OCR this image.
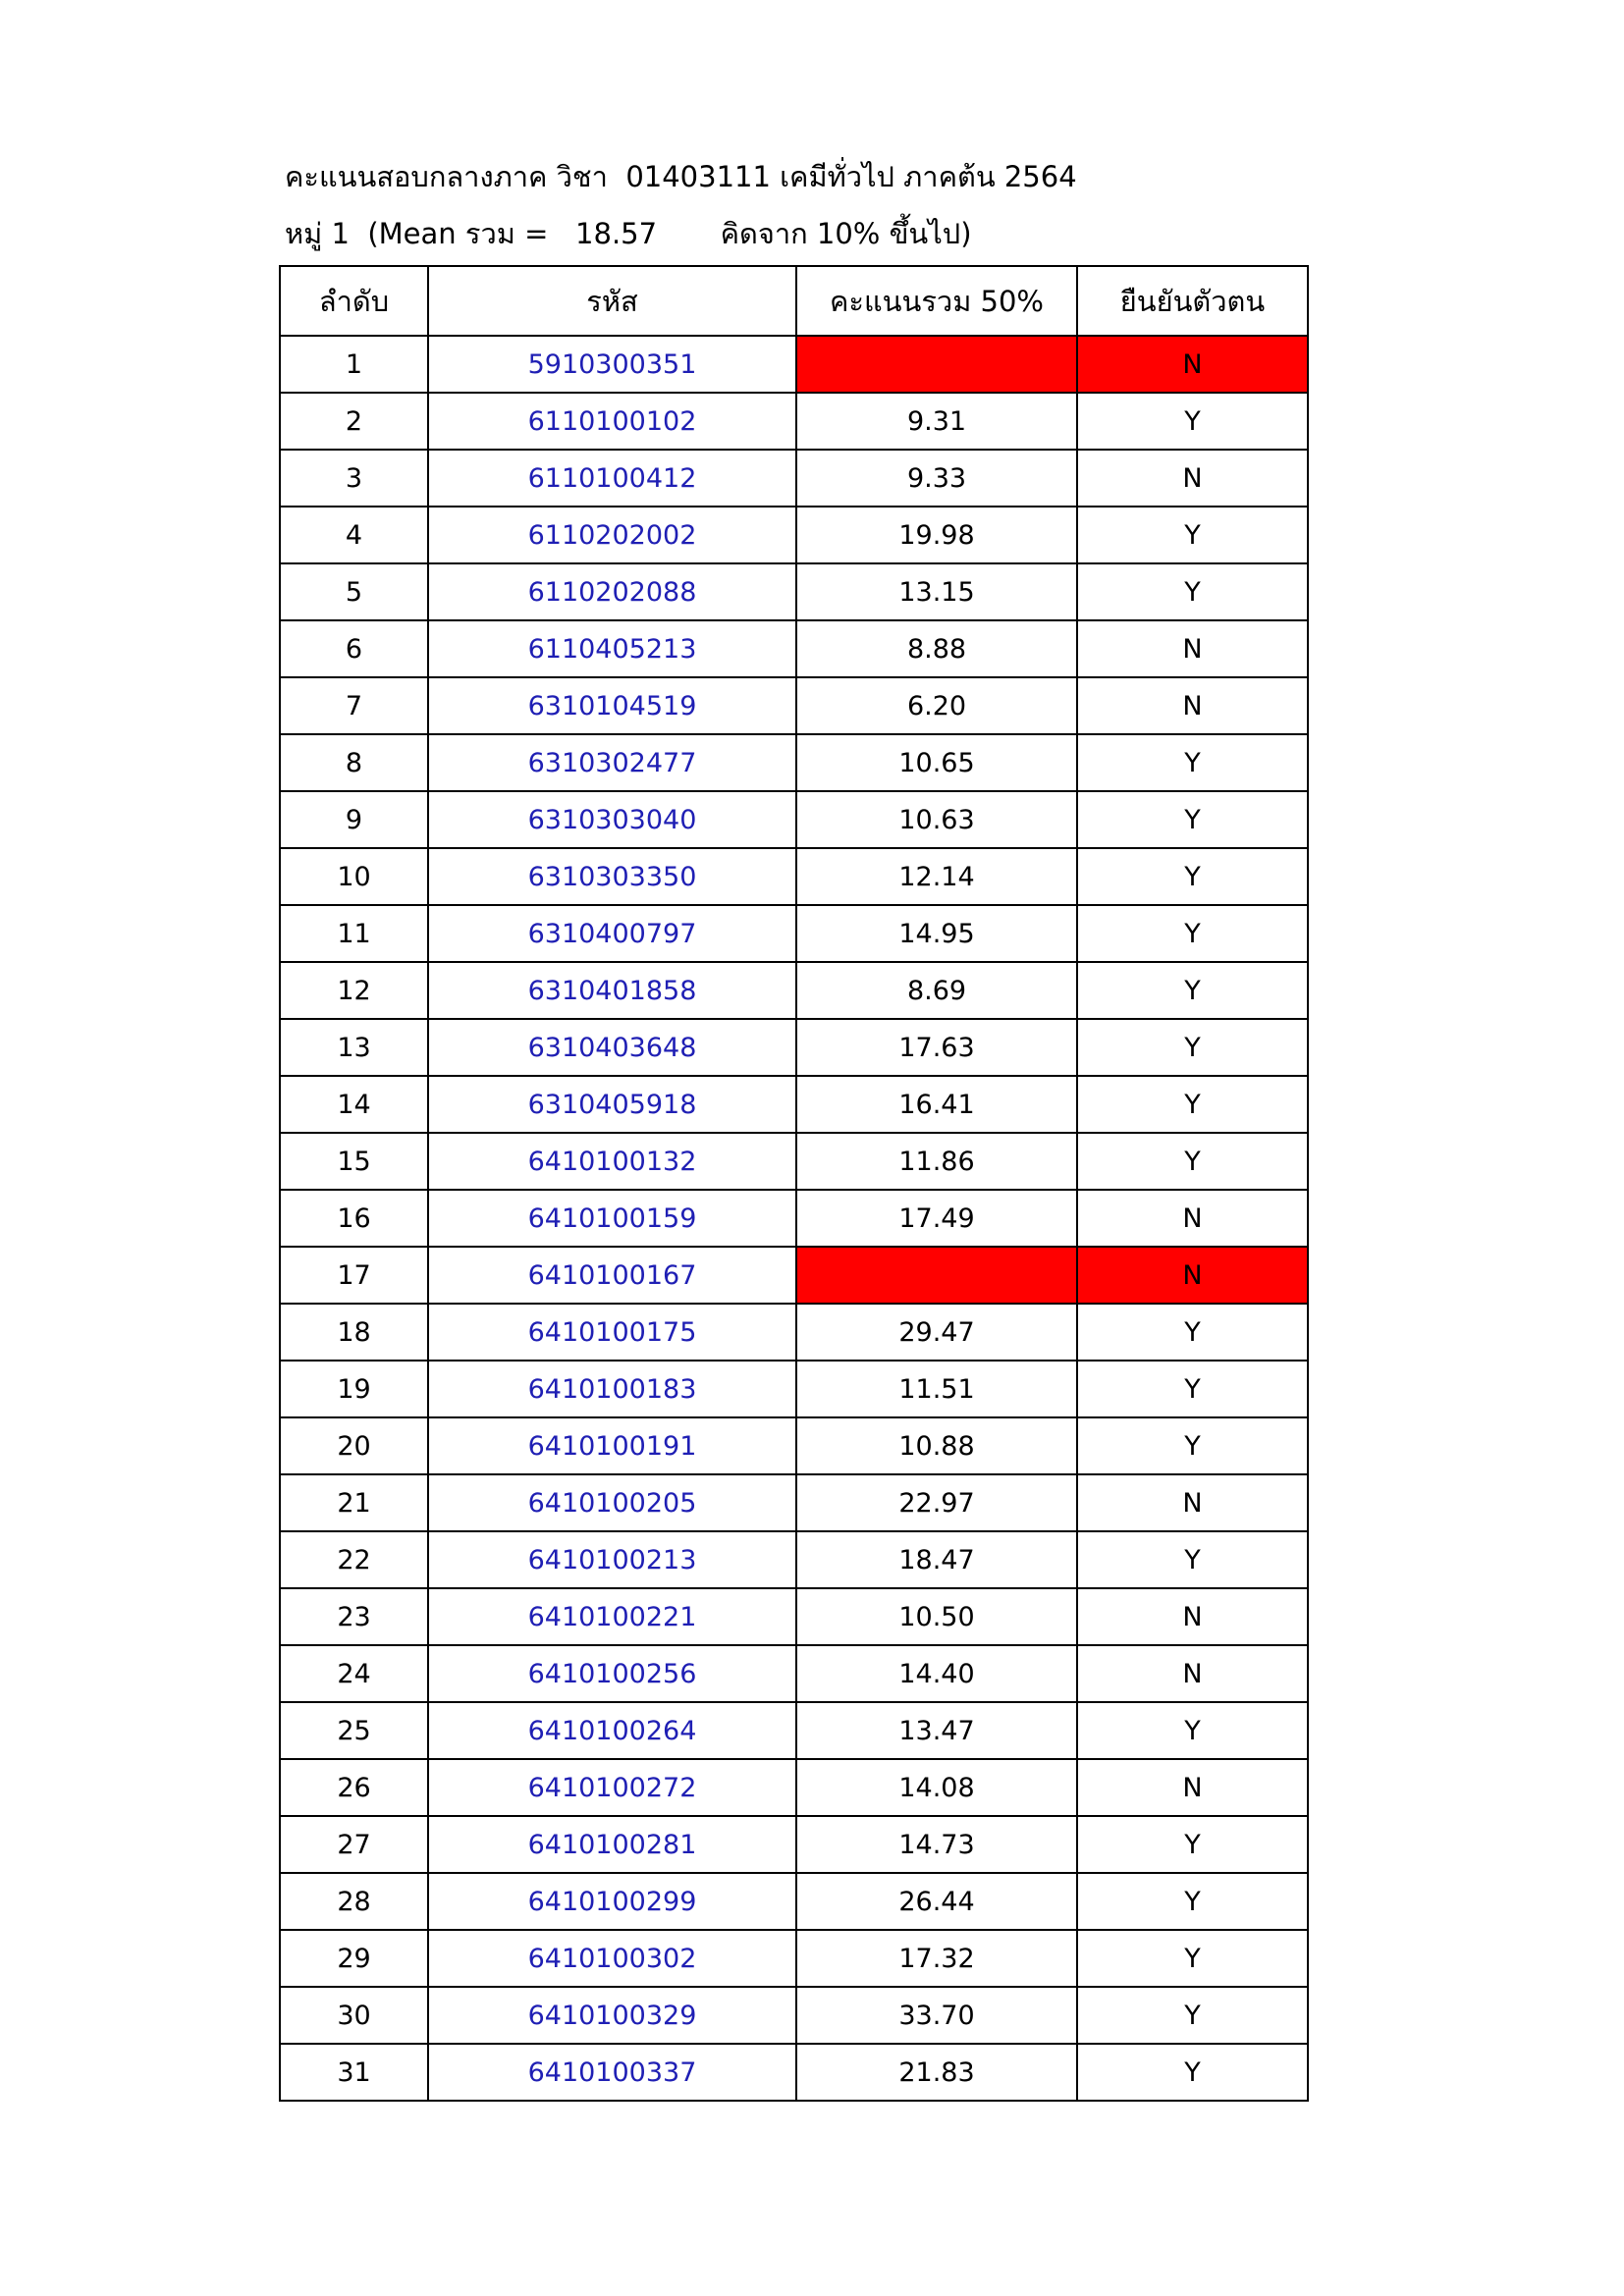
คะแนนสอบกลางภาค วิชา  01403111 เคมีทั่วไป ภาคต้น 2564
หมู่ 1 (Mean รวม = 18.57 คิดจาก 10% ขึ้นไป)
ลำดับ	รหัส	คะแนนรวม 50%	ยืนยันตัวตน
1	5910300351		N
2	6110100102	9.31	Y
3	6110100412	9.33	N
4	6110202002	19.98	Y
5	6110202088	13.15	Y
6	6110405213	8.88	N
7	6310104519	6.20	N
8	6310302477	10.65	Y
9	6310303040	10.63	Y
10	6310303350	12.14	Y
11	6310400797	14.95	Y
12	6310401858	8.69	Y
13	6310403648	17.63	Y
14	6310405918	16.41	Y
15	6410100132	11.86	Y
16	6410100159	17.49	N
17	6410100167		N
18	6410100175	29.47	Y
19	6410100183	11.51	Y
20	6410100191	10.88	Y
21	6410100205	22.97	N
22	6410100213	18.47	Y
23	6410100221	10.50	N
24	6410100256	14.40	N
25	6410100264	13.47	Y
26	6410100272	14.08	N
27	6410100281	14.73	Y
28	6410100299	26.44	Y
29	6410100302	17.32	Y
30	6410100329	33.70	Y
31	6410100337	21.83	Y
